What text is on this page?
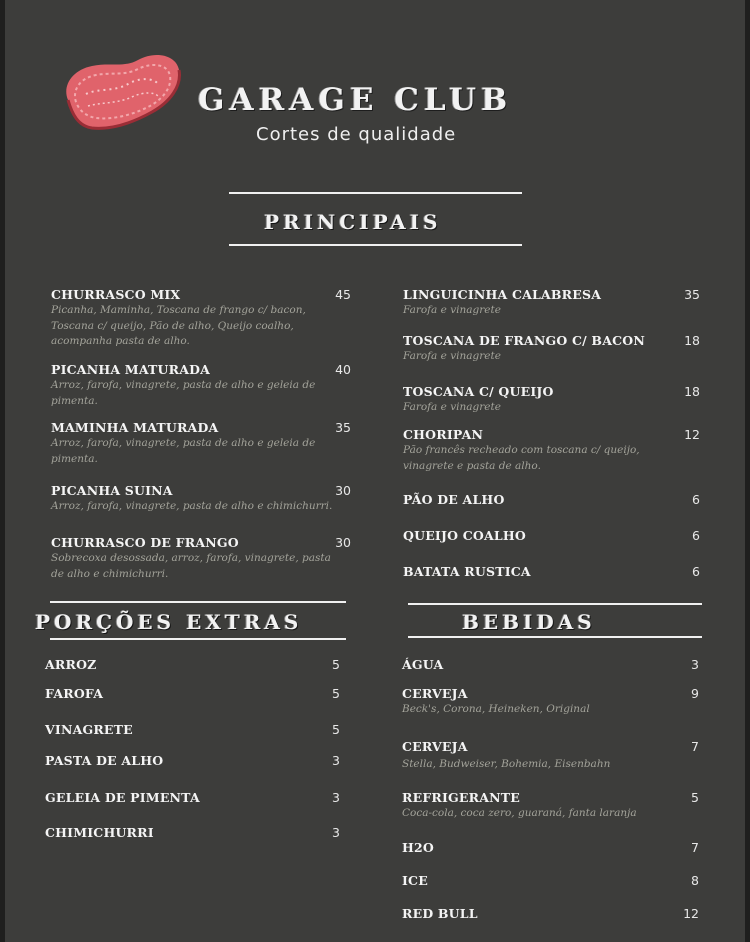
GARAGE CLUB
Cortes de qualidade
PRINCIPAIS
CHURRASCO MIX
Picanha, Maminha, Toscana de frango c/ bacon, Toscana c/ queijo, Pão de alho, Queijo coalho, acompanha pasta de alho.
45
PICANHA MATURADA
Arroz, farofa, vinagrete, pasta de alho e geleia de pimenta.
40
MAMINHA MATURADA
Arroz, farofa, vinagrete, pasta de alho e geleia de pimenta.
35
PICANHA SUINA
Arroz, farofa, vinagrete, pasta de alho e chimichurri.
30
CHURRASCO DE FRANGO
Sobrecoxa desossada, arroz, farofa, vinagrete, pasta de alho e chimichurri.
30
LINGUICINHA CALABRESA
Farofa e vinagrete
35
TOSCANA DE FRANGO C/ BACON
Farofa e vinagrete
18
TOSCANA C/ QUEIJO
Farofa e vinagrete
18
CHORIPAN
Pão francês recheado com toscana c/ queijo, vinagrete e pasta de alho.
12
PÃO DE ALHO	6
QUEIJO COALHO	6
BATATA RUSTICA	6
PORÇÕES EXTRAS	BEBIDAS
ARROZ	5
FAROFA	5
VINAGRETE	5
PASTA DE ALHO	3
GELEIA DE PIMENTA	3
CHIMICHURRI	3
ÁGUA	3
CERVEJA
Beck's, Corona, Heineken, Original
9
CERVEJA
Stella, Budweiser, Bohemia, Eisenbahn
7
REFRIGERANTE
Coca-cola, coca zero, guaraná, fanta laranja
5
H2O	7
ICE	8
RED BULL	12
